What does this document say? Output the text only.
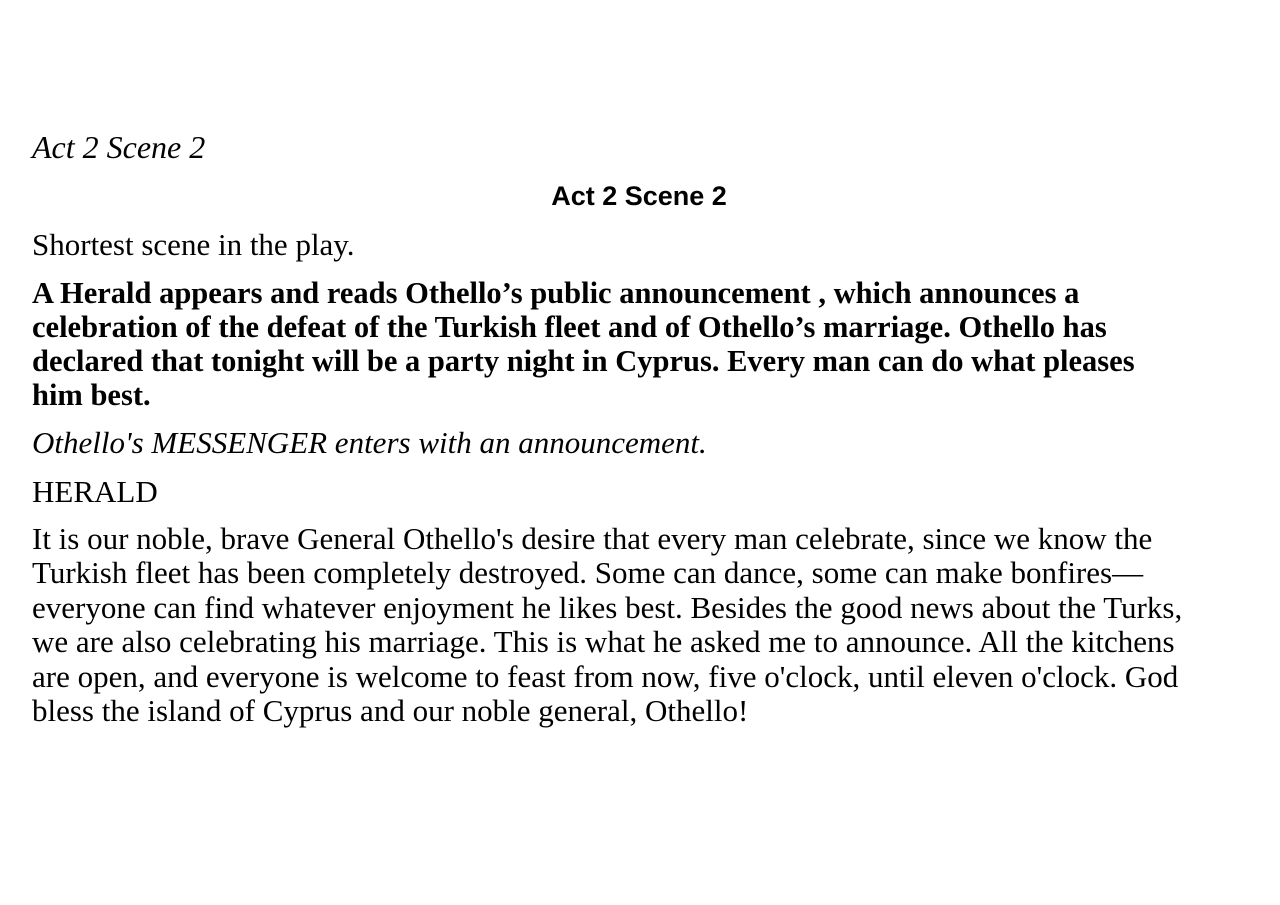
Act 2 Scene 2
Act 2 Scene 2
Shortest scene in the play.
A Herald appears and reads Othello’s public announcement , which announces a
celebration of the defeat of the Turkish fleet and of Othello’s marriage. Othello has
declared that tonight will be a party night in Cyprus. Every man can do what pleases
him best.
Othello's MESSENGER enters with an announcement.
HERALD
It is our noble, brave General Othello's desire that every man celebrate, since we know the
Turkish fleet has been completely destroyed. Some can dance, some can make bonfires—
everyone can find whatever enjoyment he likes best. Besides the good news about the Turks,
we are also celebrating his marriage. This is what he asked me to announce. All the kitchens
are open, and everyone is welcome to feast from now, five o'clock, until eleven o'clock. God
bless the island of Cyprus and our noble general, Othello!
